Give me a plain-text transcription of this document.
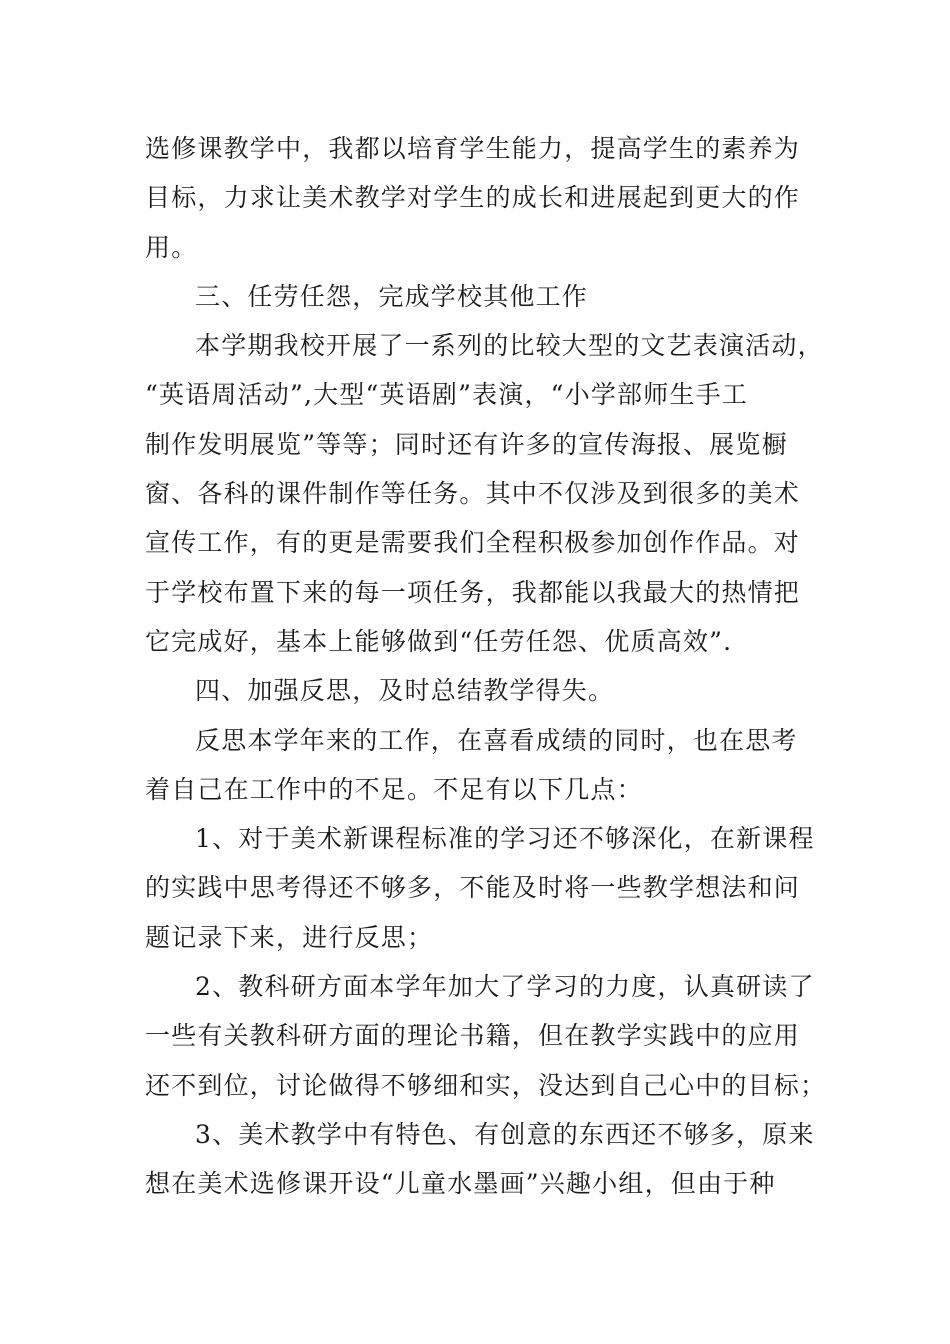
选修课教学中，我都以培育学生能力，提高学生的素养为
目标，力求让美术教学对学生的成长和进展起到更大的作
用。
三、任劳任怨，完成学校其他工作
本学期我校开展了一系列的比较大型的文艺表演活动，
“英语周活动”,大型“英语剧”表演，“小学部师生手工
制作发明展览”等等；同时还有许多的宣传海报、展览橱
窗、各科的课件制作等任务。其中不仅涉及到很多的美术
宣传工作，有的更是需要我们全程积极参加创作作品。对
于学校布置下来的每一项任务，我都能以我最大的热情把
它完成好，基本上能够做到“任劳任怨、优质高效”.
四、加强反思，及时总结教学得失。
反思本学年来的工作，在喜看成绩的同时，也在思考
着自己在工作中的不足。不足有以下几点：
1、对于美术新课程标准的学习还不够深化，在新课程
的实践中思考得还不够多，不能及时将一些教学想法和问
题记录下来，进行反思；
2、教科研方面本学年加大了学习的力度，认真研读了
一些有关教科研方面的理论书籍，但在教学实践中的应用
还不到位，讨论做得不够细和实，没达到自己心中的目标；
3、美术教学中有特色、有创意的东西还不够多，原来
想在美术选修课开设“儿童水墨画”兴趣小组，但由于种
